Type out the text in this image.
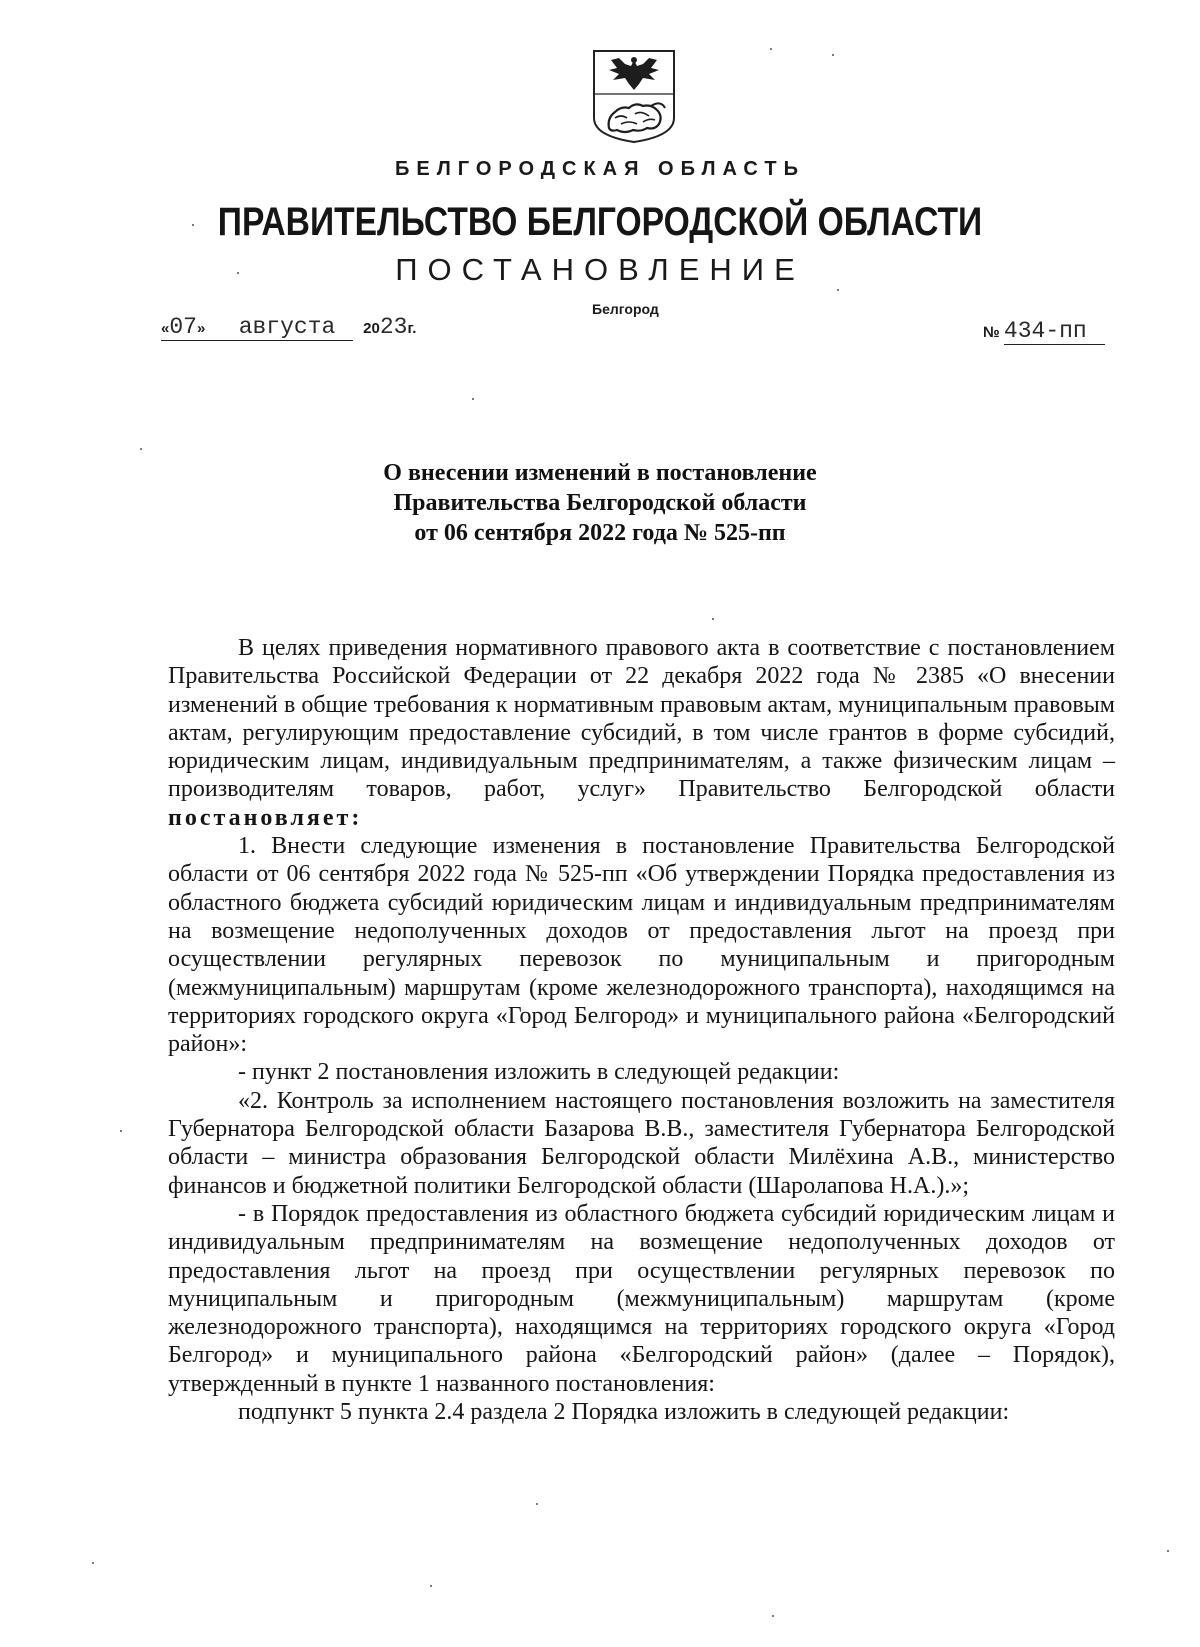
БЕЛГОРОДСКАЯ ОБЛАСТЬ
ПРАВИТЕЛЬСТВО БЕЛГОРОДСКОЙ ОБЛАСТИ
ПОСТАНОВЛЕНИЕ
Белгород
«07» августа 2023г.	№ 434-пп
О внесении изменений в постановление
Правительства Белгородской области
от 06 сентября 2022 года № 525-пп

В целях приведения нормативного правового акта в соответствие с постановлением Правительства Российской Федерации от 22 декабря 2022 года № 2385 «О внесении изменений в общие требования к нормативным правовым актам, муниципальным правовым актам, регулирующим предоставление субсидий, в том числе грантов в форме субсидий, юридическим лицам, индивидуальным предпринимателям, а также физическим лицам – производителям товаров, работ, услуг» Правительство Белгородской области постановляет:

1. Внести следующие изменения в постановление Правительства Белгородской области от 06 сентября 2022 года № 525-пп «Об утверждении Порядка предоставления из областного бюджета субсидий юридическим лицам и индивидуальным предпринимателям на возмещение недополученных доходов от предоставления льгот на проезд при осуществлении регулярных перевозок по муниципальным и пригородным (межмуниципальным) маршрутам (кроме железнодорожного транспорта), находящимся на территориях городского округа «Город Белгород» и муниципального района «Белгородский район»:

- пункт 2 постановления изложить в следующей редакции:

«2. Контроль за исполнением настоящего постановления возложить на заместителя Губернатора Белгородской области Базарова В.В., заместителя Губернатора Белгородской области – министра образования Белгородской области Милёхина А.В., министерство финансов и бюджетной политики Белгородской области (Шаролапова Н.А.).»;

- в Порядок предоставления из областного бюджета субсидий юридическим лицам и индивидуальным предпринимателям на возмещение недополученных доходов от предоставления льгот на проезд при осуществлении регулярных перевозок по муниципальным и пригородным (межмуниципальным) маршрутам (кроме железнодорожного транспорта), находящимся на территориях городского округа «Город Белгород» и муниципального района «Белгородский район» (далее – Порядок), утвержденный в пункте 1 названного постановления:

подпункт 5 пункта 2.4 раздела 2 Порядка изложить в следующей редакции:
